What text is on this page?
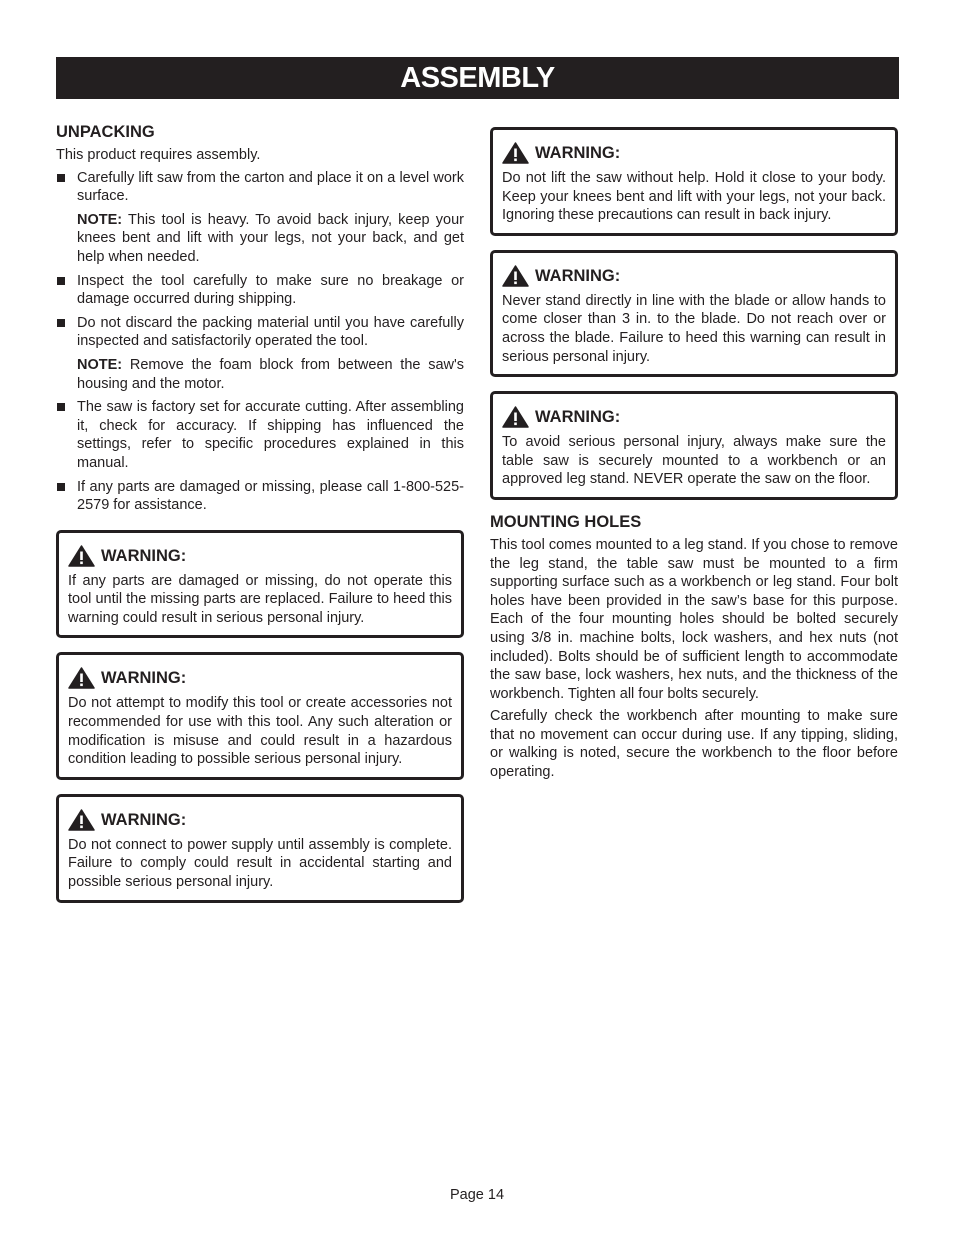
ASSEMBLY
UNPACKING

This product requires assembly.

Carefully lift saw from the carton and place it on a level work surface.

NOTE: This tool is heavy. To avoid back injury, keep your knees bent and lift with your legs, not your back, and get help when needed.

Inspect the tool carefully to make sure no breakage or damage occurred during shipping.
Do not discard the packing material until you have carefully inspected and satisfactorily operated the tool.

NOTE: Remove the foam block from between the saw's housing and the motor.

The saw is factory set for accurate cutting. After assembling it, check for accuracy. If shipping has influenced the settings, refer to specific procedures explained in this manual.
If any parts are damaged or missing, please call 1-800-525-2579 for assistance.
WARNING:

If any parts are damaged or missing, do not operate this tool until the missing parts are replaced. Failure to heed this warning could result in serious personal injury.

WARNING:

Do not attempt to modify this tool or create accessories not recommended for use with this tool. Any such alteration or modification is misuse and could result in a hazardous condition leading to possible serious personal injury.

WARNING:

Do not connect to power supply until assembly is complete. Failure to comply could result in accidental starting and possible serious personal injury.

WARNING:

Do not lift the saw without help. Hold it close to your body. Keep your knees bent and lift with your legs, not your back. Ignoring these precautions can result in back injury.

WARNING:

Never stand directly in line with the blade or allow hands to come closer than 3 in. to the blade. Do not reach over or across the blade. Failure to heed this warning can result in serious personal injury.

WARNING:

To avoid serious personal injury, always make sure the table saw is securely mounted to a workbench or an approved leg stand. NEVER operate the saw on the floor.

MOUNTING HOLES

This tool comes mounted to a leg stand. If you chose to remove the leg stand, the table saw must be mounted to a firm supporting surface such as a workbench or leg stand. Four bolt holes have been provided in the saw’s base for this purpose. Each of the four mounting holes should be bolted securely using 3/8 in. machine bolts, lock washers, and hex nuts (not included). Bolts should be of sufficient length to accommodate the saw base, lock washers, hex nuts, and the thickness of the workbench. Tighten all four bolts securely.

Carefully check the workbench after mounting to make sure that no movement can occur during use. If any tipping, sliding, or walking is noted, secure the workbench to the floor before operating.

Page 14
